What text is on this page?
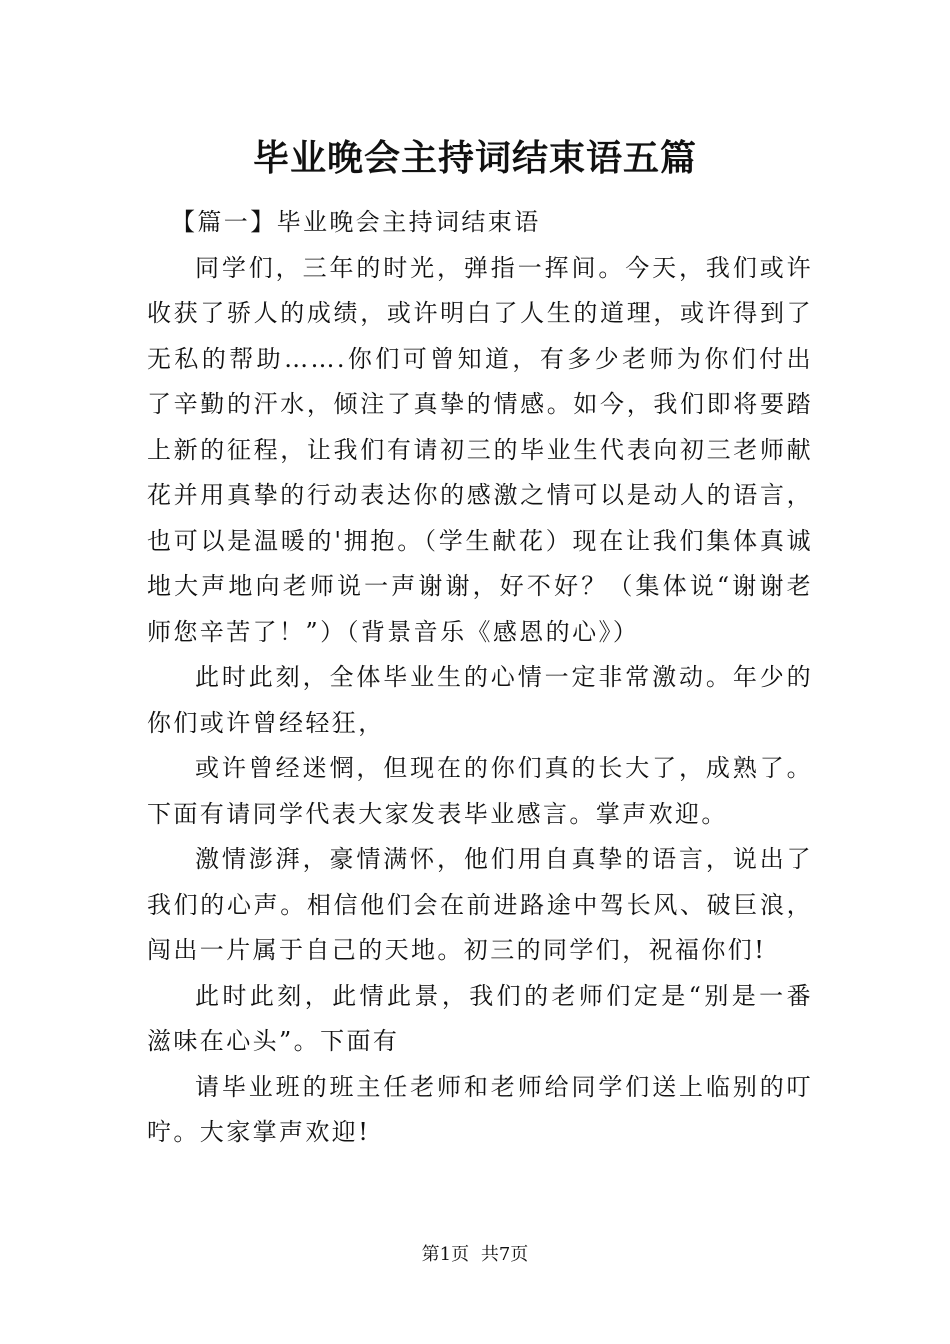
毕业晚会主持词结束语五篇

【篇一】毕业晚会主持词结束语

同学们，三年的时光，弹指一挥间。今天，我们或许收获了骄人的成绩，或许明白了人生的道理，或许得到了无私的帮助…….你们可曾知道，有多少老师为你们付出了辛勤的汗水，倾注了真挚的情感。如今，我们即将要踏上新的征程，让我们有请初三的毕业生代表向初三老师献花并用真挚的行动表达你的感激之情可以是动人的语言，也可以是温暖的'拥抱。（学生献花）现在让我们集体真诚地大声地向老师说一声谢谢，好不好？（集体说“谢谢老师您辛苦了！”）（背景音乐《感恩的心》）

此时此刻，全体毕业生的心情一定非常激动。年少的你们或许曾经轻狂，

或许曾经迷惘，但现在的你们真的长大了，成熟了。下面有请同学代表大家发表毕业感言。掌声欢迎。

激情澎湃，豪情满怀，他们用自真挚的语言，说出了我们的心声。相信他们会在前进路途中驾长风、破巨浪，闯出一片属于自己的天地。初三的同学们，祝福你们!

此时此刻，此情此景，我们的老师们定是“别是一番滋味在心头”。下面有

请毕业班的班主任老师和老师给同学们送上临别的叮咛。大家掌声欢迎!

第1页 共7页
